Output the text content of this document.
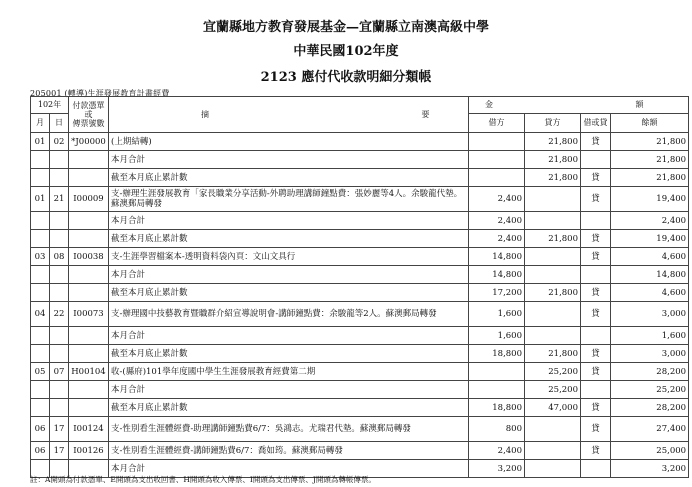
宜蘭縣地方教育發展基金—宜蘭縣立南澳高級中學
中華民國102年度
2123 應付代收款明細分類帳
205001 (轉導)生涯發展教育計畫經費
102年		付款憑單
或
傳票號數	摘 要	金 額			
月	日			借方	貸方	借或貸	餘額
01	02	*J00000	(上期結轉)		21,800	貸	21,800
			本月合計		21,800		21,800
			截至本月底止累計數		21,800	貸	21,800
01	21	I00009	支-辦理生涯發展教育「家長職業分享活動-外聘助理講師鐘點費：張妙麗等4人。余駿龍代墊。蘇澳郵局轉發	2,400		貸	19,400
			本月合計	2,400			2,400
			截至本月底止累計數	2,400	21,800	貸	19,400
03	08	I00038	支-生涯學習檔案本-透明資料袋內頁：文山文具行	14,800		貸	4,600
			本月合計	14,800			14,800
			截至本月底止累計數	17,200	21,800	貸	4,600
04	22	I00073	支-辦理國中技藝教育暨職群介紹宣導說明會-講師鐘點費：余駿龍等2人。蘇澳郵局轉發	1,600		貸	3,000
			本月合計	1,600			1,600
			截至本月底止累計數	18,800	21,800	貸	3,000
05	07	H00104	收-(縣府)101學年度國中學生生涯發展教育經費第二期		25,200	貸	28,200
			本月合計		25,200		25,200
			截至本月底止累計數	18,800	47,000	貸	28,200
06	17	I00124	支-性別看生涯體經費-助理講師鐘點費6/7：吳鴻志。尤瑞君代墊。蘇澳郵局轉發	800		貸	27,400
06	17	I00126	支-性別看生涯體經費-講師鐘點費6/7：喬如筠。蘇澳郵局轉發	2,400		貸	25,000
			本月合計	3,200			3,200
註：A開頭為付款憑單、E開頭為支出收回書、H開頭為收入傳票、I開頭為支出傳票、J開頭為轉帳傳票。
